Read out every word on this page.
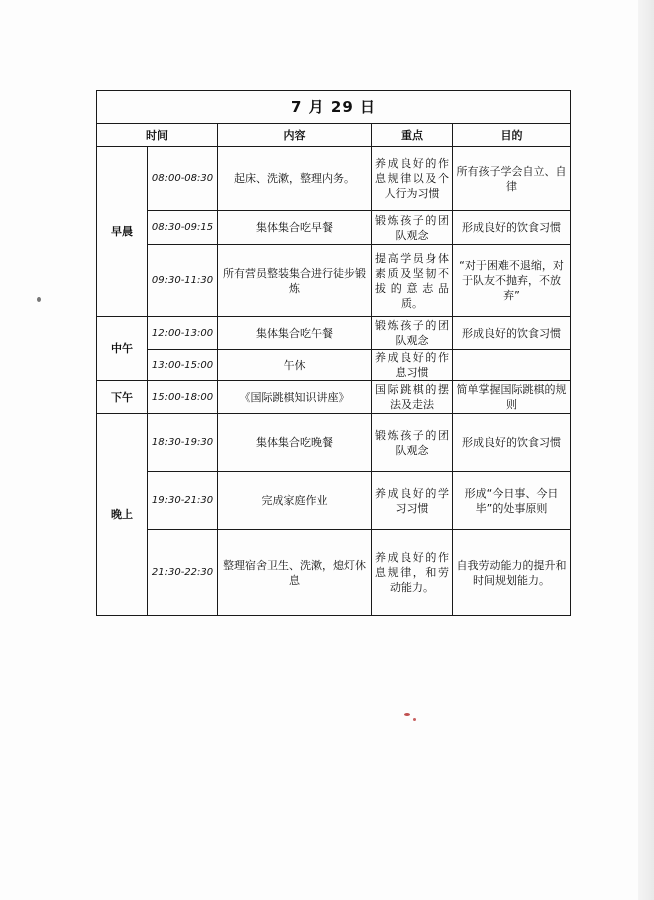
7 月 29 日				
时间		内容	重点	目的
早晨	08:00-08:30	起床、洗漱，整理内务。	养成良好的作息规律以及个人行为习惯	所有孩子学会自立、自律
	08:30-09:15	集体集合吃早餐	锻炼孩子的团队观念	形成良好的饮食习惯
	09:30-11:30	所有营员整装集合进行徒步锻炼	提高学员身体素质及坚韧不拔的意志品质。	“对于困难不退缩，对于队友不抛弃，不放弃”
中午	12:00-13:00	集体集合吃午餐	锻炼孩子的团队观念	形成良好的饮食习惯
	13:00-15:00	午休	养成良好的作息习惯	
下午	15:00-18:00	《国际跳棋知识讲座》	国际跳棋的摆法及走法	简单掌握国际跳棋的规则
晚上	18:30-19:30	集体集合吃晚餐	锻炼孩子的团队观念	形成良好的饮食习惯
	19:30-21:30	完成家庭作业	养成良好的学习习惯	形成“今日事、今日毕”的处事原则
	21:30-22:30	整理宿舍卫生、洗漱，熄灯休息	养成良好的作息规律，和劳动能力。	自我劳动能力的提升和时间规划能力。
